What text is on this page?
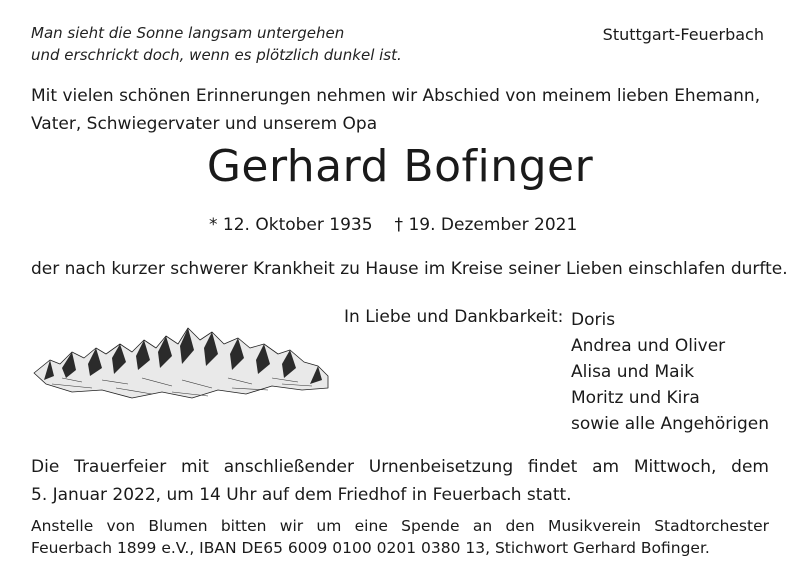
Man sieht die Sonne langsam untergehen
und erschrickt doch, wenn es plötzlich dunkel ist.
Stuttgart-Feuerbach
Mit vielen schönen Erinnerungen nehmen wir Abschied von meinem lieben Ehemann,
Vater, Schwiegervater und unserem Opa
Gerhard Bofinger
* 12. Oktober 1935 † 19. Dezember 2021
der nach kurzer schwerer Krankheit zu Hause im Kreise seiner Lieben einschlafen durfte.
In Liebe und Dankbarkeit: Doris
Andrea und Oliver
Alisa und Maik
Moritz und Kira
sowie alle Angehörigen
Die Trauerfeier mit anschließender Urnenbeisetzung findet am Mittwoch, dem
5. Januar 2022, um 14 Uhr auf dem Friedhof in Feuerbach statt.
Anstelle von Blumen bitten wir um eine Spende an den Musikverein Stadtorchester
Feuerbach 1899 e.V., IBAN DE65 6009 0100 0201 0380 13, Stichwort Gerhard Bofinger.
